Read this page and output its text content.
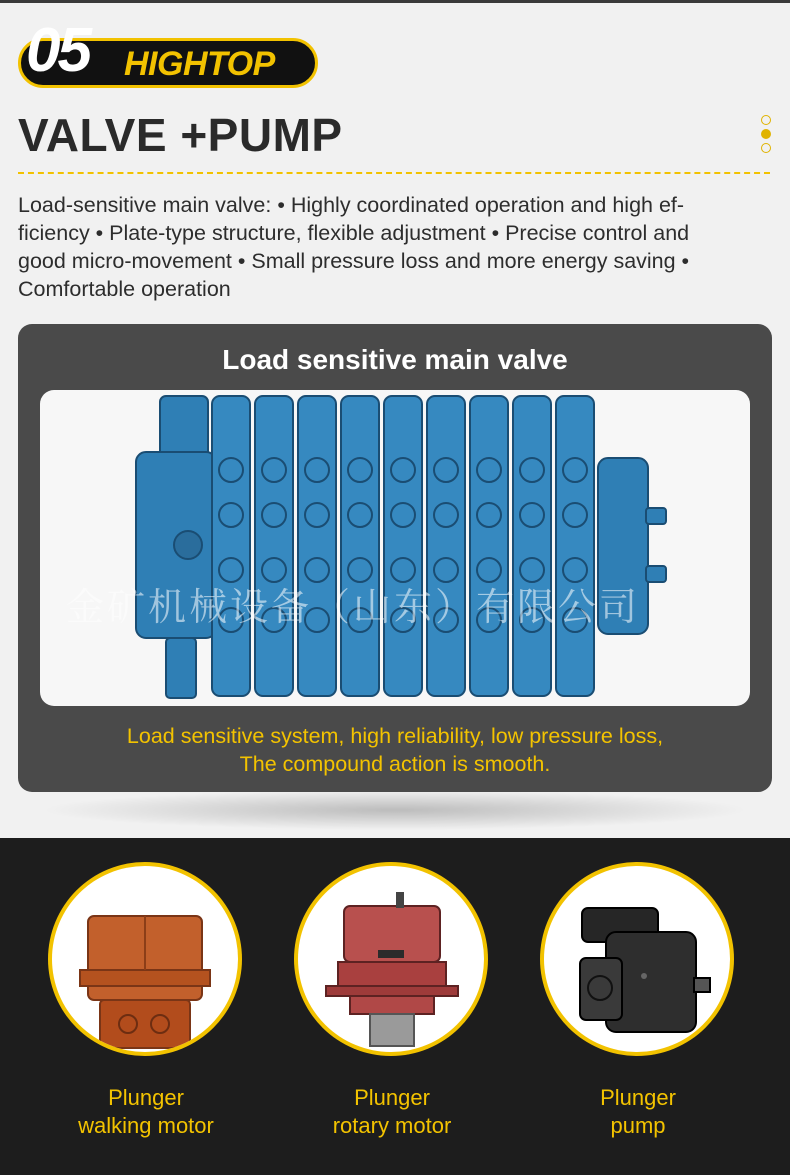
05 HIGHTOP
VALVE +PUMP
Load-sensitive main valve: • Highly coordinated operation and high ef-
ficiency • Plate-type structure, flexible adjustment • Precise control and
good micro-movement • Small pressure loss and more energy saving •
Comfortable operation
Load sensitive main valve
金矿机械设备（山东）有限公司
Load sensitive system, high reliability, low pressure loss,
The compound action is smooth.
Plunger
walking motor
Plunger
rotary motor
Plunger
pump
